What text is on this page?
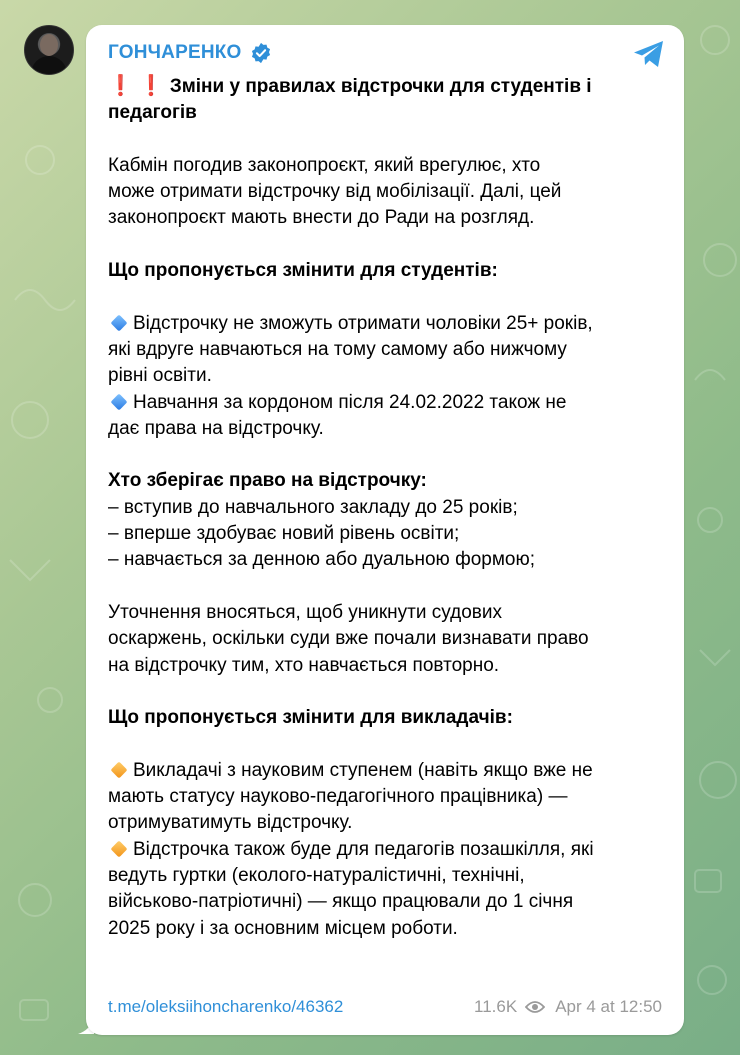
ГОНЧАРЕНКО

❗ ❗ Зміни у правилах відстрочки для студентів і педагогів

Кабмін погодив законопроєкт, який врегулює, хто

може отримати відстрочку від мобілізації. Далі, цей

законопроєкт мають внести до Ради на розгляд.

Що пропонується змінити для студентів:

Відстрочку не зможуть отримати чоловіки 25+ років,

які вдруге навчаються на тому самому або нижчому

рівні освіти.

Навчання за кордоном після 24.02.2022 також не

дає права на відстрочку.

Хто зберігає право на відстрочку:

– вступив до навчального закладу до 25 років;

– вперше здобуває новий рівень освіти;

– навчається за денною або дуальною формою;

Уточнення вносяться, щоб уникнути судових

оскаржень, оскільки суди вже почали визнавати право

на відстрочку тим, хто навчається повторно.

Що пропонується змінити для викладачів:

Викладачі з науковим ступенем (навіть якщо вже не

мають статусу науково-педагогічного працівника) —

отримуватимуть відстрочку.

Відстрочка також буде для педагогів позашкілля, які

ведуть гуртки (еколого-натуралістичні, технічні,

військово-патріотичні) — якщо працювали до 1 січня

2025 року і за основним місцем роботи.

t.me/oleksiihoncharenko/46362	11.6K Apr 4 at 12:50
